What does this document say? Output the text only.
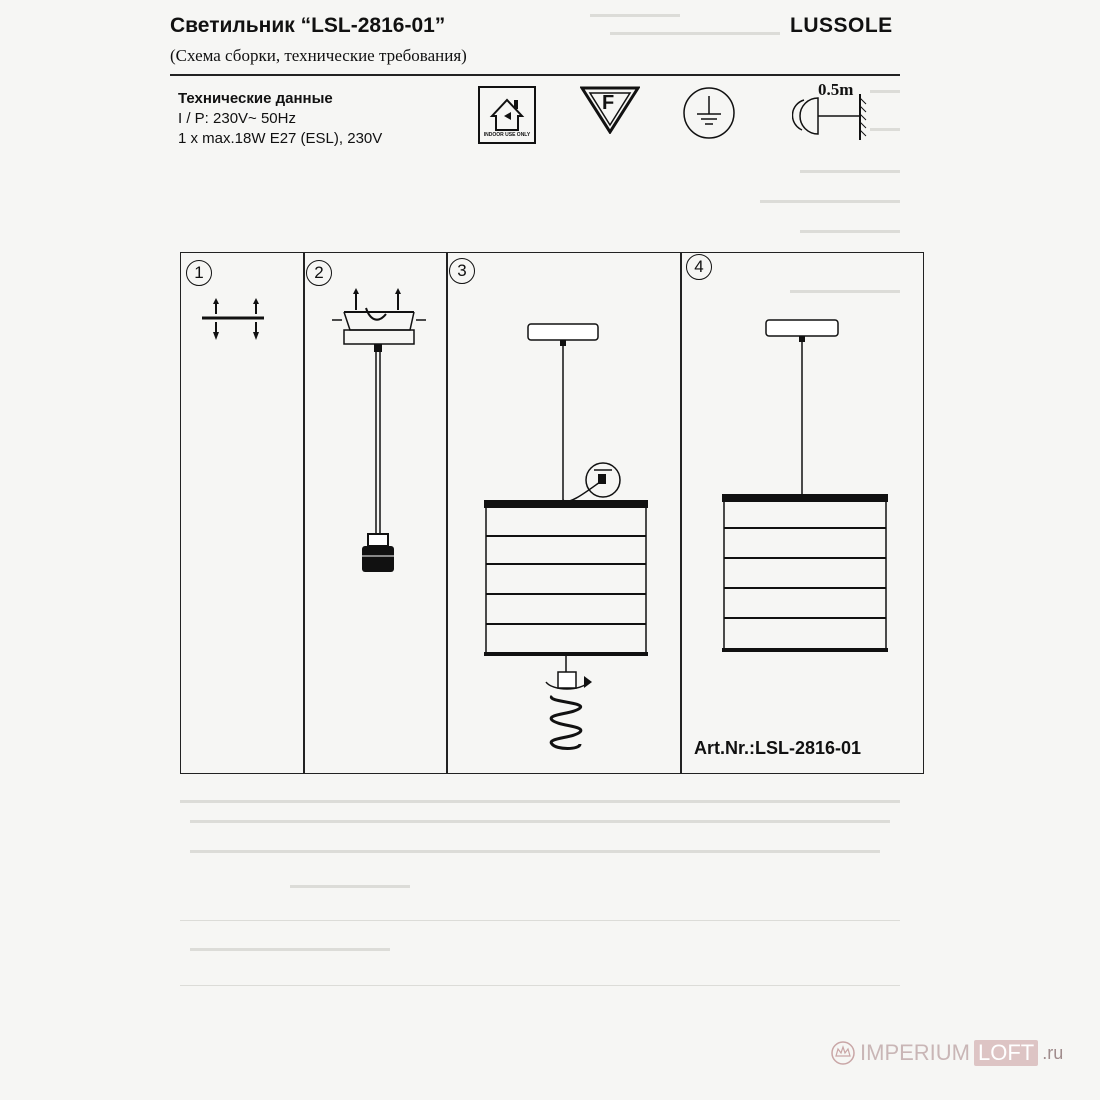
Светильник “LSL-2816-01”
(Схема сборки, технические требования)
LUSSOLE
Технические данные
I / P: 230V~ 50Hz
1 x max.18W E27 (ESL), 230V	INDOOR USE ONLY
F
0.5m
1	2	3	4
Art.Nr.:LSL-2816-01
IMPERIUM LOFT .ru
